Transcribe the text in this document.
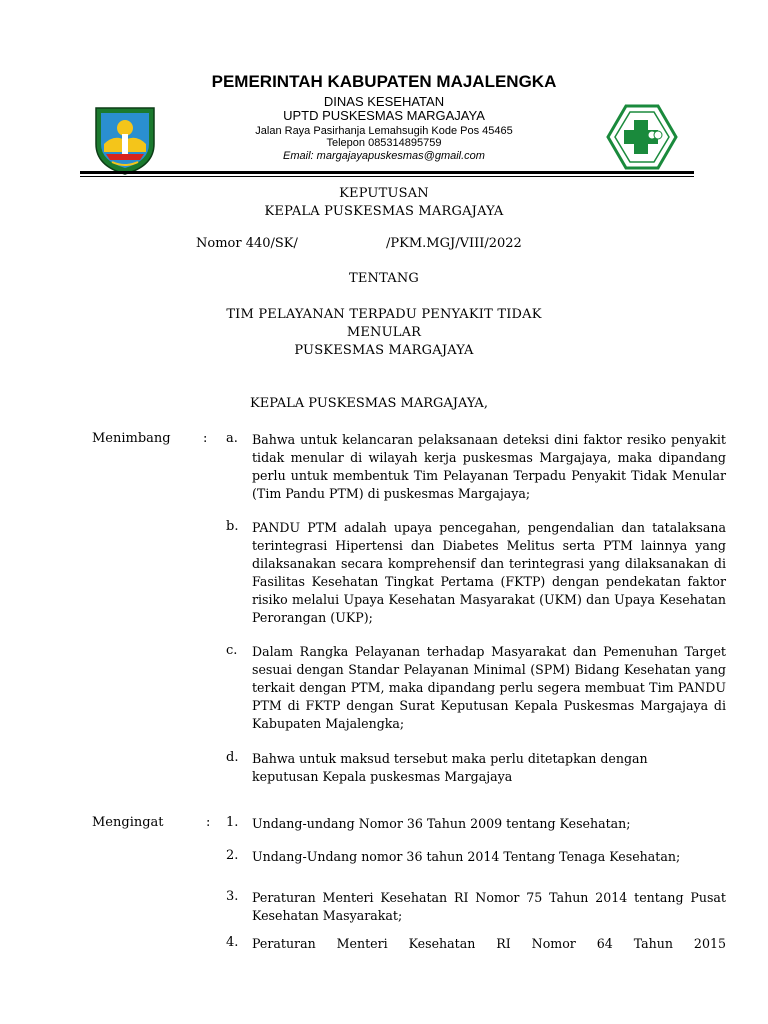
PEMERINTAH KABUPATEN MAJALENGKA
DINAS KESEHATAN
UPTD PUSKESMAS MARGAJAYA
Jalan Raya Pasirhanja Lemahsugih Kode Pos 45465
Telepon 085314895759
Email: margajayapuskesmas@gmail.com
KEPUTUSAN
KEPALA PUSKESMAS MARGAJAYA
Nomor 440/SK/	/PKM.MGJ/VIII/2022
TENTANG
TIM PELAYANAN TERPADU PENYAKIT TIDAK
MENULAR
PUSKESMAS MARGAJAYA
KEPALA PUSKESMAS MARGAJAYA,
Menimbang : a. Bahwa untuk kelancaran pelaksanaan deteksi dini faktor resiko penyakit tidak menular di wilayah kerja puskesmas Margajaya, maka dipandang perlu untuk membentuk Tim Pelayanan Terpadu Penyakit Tidak Menular (Tim Pandu PTM) di puskesmas Margajaya;
b. PANDU PTM adalah upaya pencegahan, pengendalian dan tatalaksana terintegrasi Hipertensi dan Diabetes Melitus serta PTM lainnya yang dilaksanakan secara komprehensif dan terintegrasi yang dilaksanakan di Fasilitas Kesehatan Tingkat Pertama (FKTP) dengan pendekatan faktor risiko melalui Upaya Kesehatan Masyarakat (UKM) dan Upaya Kesehatan Perorangan (UKP);
c. Dalam Rangka Pelayanan terhadap Masyarakat dan Pemenuhan Target sesuai dengan Standar Pelayanan Minimal (SPM) Bidang Kesehatan yang terkait dengan PTM, maka dipandang perlu segera membuat Tim PANDU PTM di FKTP dengan Surat Keputusan Kepala Puskesmas Margajaya di Kabupaten Majalengka;
d. Bahwa untuk maksud tersebut maka perlu ditetapkan dengan keputusan Kepala puskesmas Margajaya
Mengingat	: 1. Undang-undang Nomor 36 Tahun 2009 tentang Kesehatan;
2. Undang-Undang nomor 36 tahun 2014 Tentang Tenaga Kesehatan;
3. Peraturan Menteri Kesehatan RI Nomor 75 Tahun 2014 tentang Pusat Kesehatan Masyarakat;
4. Peraturan Menteri Kesehatan RI Nomor 64 Tahun 2015
